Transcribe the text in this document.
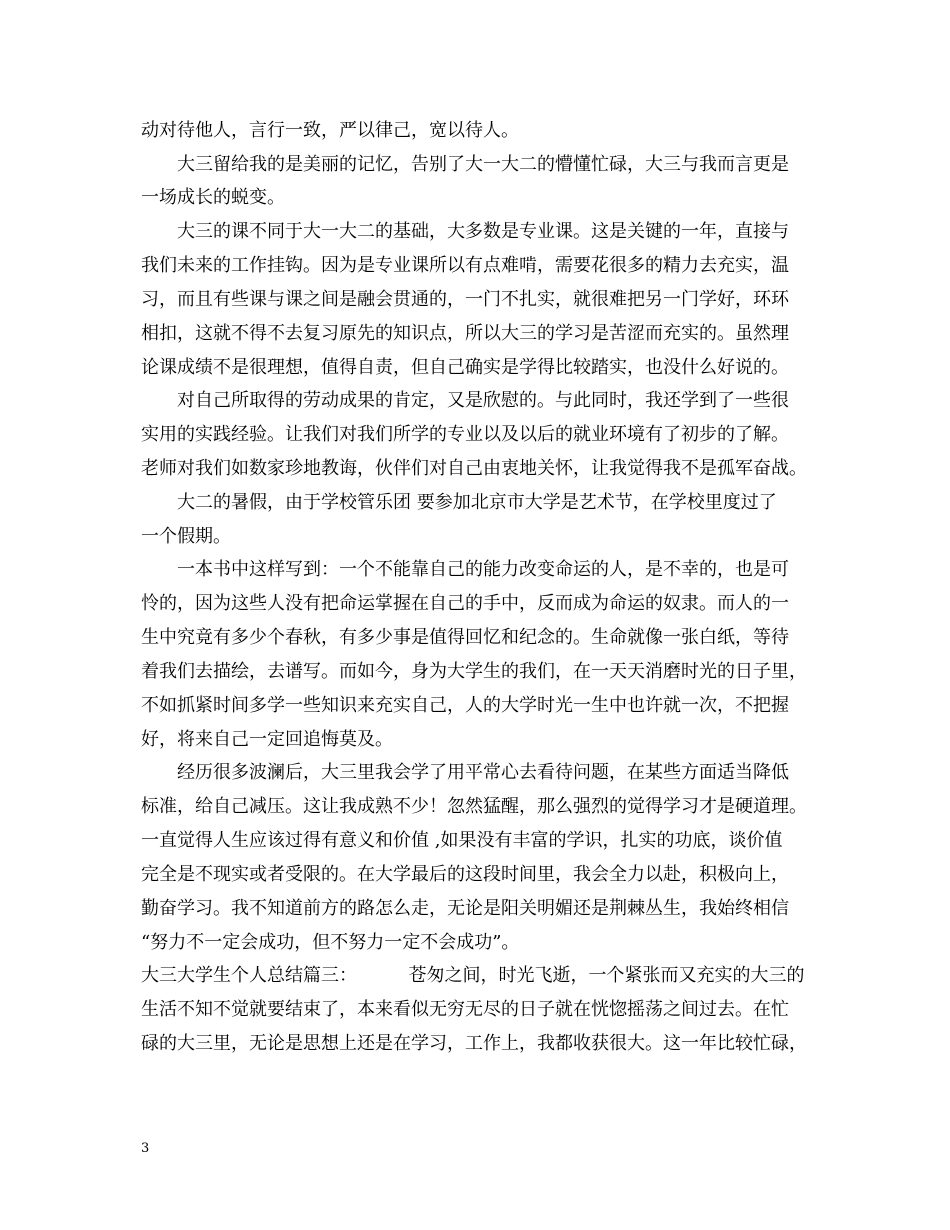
动对待他人，言行一致，严以律己，宽以待人。
大三留给我的是美丽的记忆，告别了大一大二的懵懂忙碌，大三与我而言更是
一场成长的蜕变。
大三的课不同于大一大二的基础，大多数是专业课。这是关键的一年，直接与
我们未来的工作挂钩。因为是专业课所以有点难啃，需要花很多的精力去充实，温
习，而且有些课与课之间是融会贯通的，一门不扎实，就很难把另一门学好，环环
相扣，这就不得不去复习原先的知识点，所以大三的学习是苦涩而充实的。虽然理
论课成绩不是很理想，值得自责，但自己确实是学得比较踏实，也没什么好说的。
对自己所取得的劳动成果的肯定，又是欣慰的。与此同时，我还学到了一些很
实用的实践经验。让我们对我们所学的专业以及以后的就业环境有了初步的了解。
老师对我们如数家珍地教诲，伙伴们对自己由衷地关怀，让我觉得我不是孤军奋战。
大二的暑假，由于学校管乐团 要参加北京市大学是艺术节，在学校里度过了
一个假期。
一本书中这样写到：一个不能靠自己的能力改变命运的人，是不幸的，也是可
怜的，因为这些人没有把命运掌握在自己的手中，反而成为命运的奴隶。而人的一
生中究竟有多少个春秋，有多少事是值得回忆和纪念的。生命就像一张白纸，等待
着我们去描绘，去谱写。而如今，身为大学生的我们，在一天天消磨时光的日子里，
不如抓紧时间多学一些知识来充实自己，人的大学时光一生中也许就一次，不把握
好，将来自己一定回追悔莫及。
经历很多波澜后，大三里我会学了用平常心去看待问题，在某些方面适当降低
标准，给自己减压。这让我成熟不少！忽然猛醒，那么强烈的觉得学习才是硬道理。
一直觉得人生应该过得有意义和价值 ,如果没有丰富的学识，扎实的功底，谈价值
完全是不现实或者受限的。在大学最后的这段时间里，我会全力以赴，积极向上，
勤奋学习。我不知道前方的路怎么走，无论是阳关明媚还是荆棘丛生，我始终相信
“努力不一定会成功，但不努力一定不会成功”。
大三大学生个人总结篇三：         苍匆之间，时光飞逝，一个紧张而又充实的大三的
生活不知不觉就要结束了，本来看似无穷无尽的日子就在恍惚摇荡之间过去。在忙
碌的大三里，无论是思想上还是在学习，工作上，我都收获很大。这一年比较忙碌，
3
